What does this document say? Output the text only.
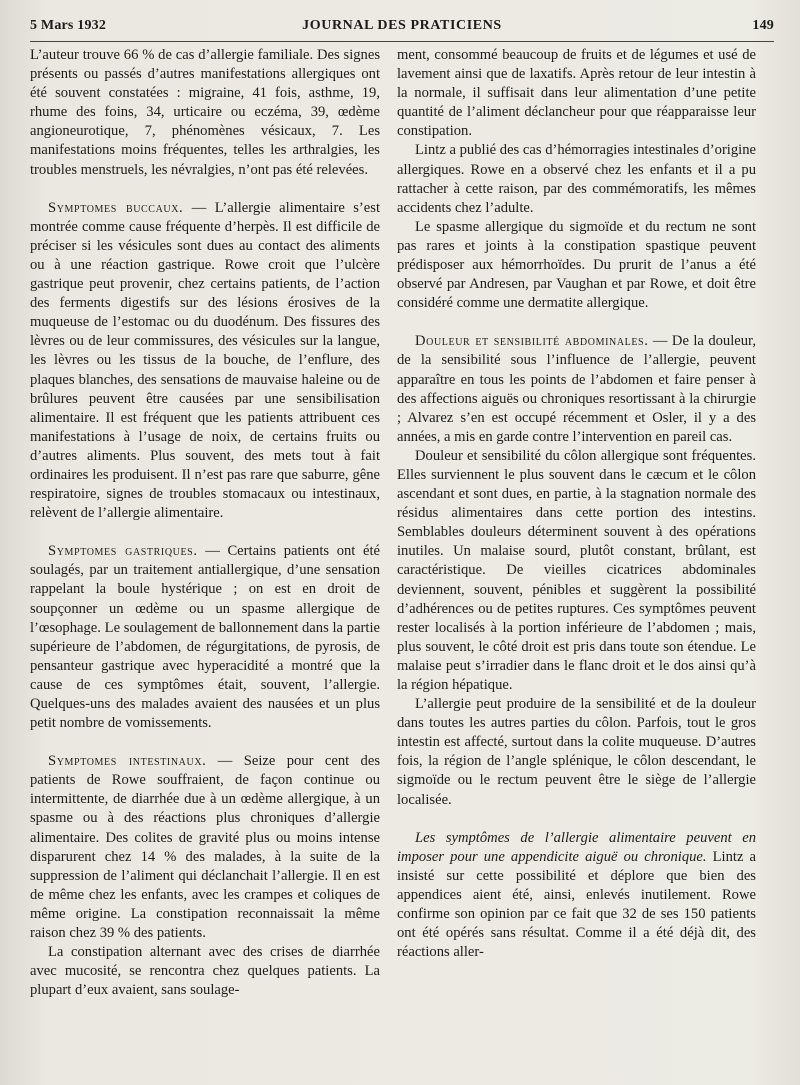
5 Mars 1932	JOURNAL DES PRATICIENS	149

L’auteur trouve 66 % de cas d’allergie familiale. Des signes présents ou passés d’autres manifestations allergiques ont été souvent constatées : migraine, 41 fois, asthme, 19, rhume des foins, 34, urticaire ou eczéma, 39, œdème angioneurotique, 7, phénomènes vésicaux, 7. Les manifestations moins fréquentes, telles les arthralgies, les troubles menstruels, les névralgies, n’ont pas été relevées.

Symptomes buccaux. — L’allergie alimentaire s’est montrée comme cause fréquente d’herpès. Il est difficile de préciser si les vésicules sont dues au contact des aliments ou à une réaction gastrique. Rowe croit que l’ulcère gastrique peut provenir, chez certains patients, de l’action des ferments digestifs sur des lésions érosives de la muqueuse de l’estomac ou du duodénum. Des fissures des lèvres ou de leur commissures, des vésicules sur la langue, les lèvres ou les tissus de la bouche, de l’enflure, des plaques blanches, des sensations de mauvaise haleine ou de brûlures peuvent être causées par une sensibilisation alimentaire. Il est fréquent que les patients attribuent ces manifestations à l’usage de noix, de certains fruits ou d’autres aliments. Plus souvent, des mets tout à fait ordinaires les produisent. Il n’est pas rare que saburre, gêne respiratoire, signes de troubles stomacaux ou intestinaux, relèvent de l’allergie alimentaire.

Symptomes gastriques. — Certains patients ont été soulagés, par un traitement antiallergique, d’une sensation rappelant la boule hystérique ; on est en droit de soupçonner un œdème ou un spasme allergique de l’œsophage. Le soulagement de ballonnement dans la partie supérieure de l’abdomen, de régurgitations, de pyrosis, de pensanteur gastrique avec hyperacidité a montré que la cause de ces symptômes était, souvent, l’allergie. Quelques-uns des malades avaient des nausées et un plus petit nombre de vomissements.

Symptomes intestinaux. — Seize pour cent des patients de Rowe souffraient, de façon continue ou intermittente, de diarrhée due à un œdème allergique, à un spasme ou à des réactions plus chroniques d’allergie alimentaire. Des colites de gravité plus ou moins intense disparurent chez 14 % des malades, à la suite de la suppression de l’aliment qui déclanchait l’allergie. Il en est de même chez les enfants, avec les crampes et coliques de même origine. La constipation reconnaissait la même raison chez 39 % des patients.

La constipation alternant avec des crises de diarrhée avec mucosité, se rencontra chez quelques patients. La plupart d’eux avaient, sans soulage-

ment, consommé beaucoup de fruits et de légumes et usé de lavement ainsi que de laxatifs. Après retour de leur intestin à la normale, il suffisait dans leur alimentation d’une petite quantité de l’aliment déclancheur pour que réapparaisse leur constipation.

Lintz a publié des cas d’hémorragies intestinales d’origine allergiques. Rowe en a observé chez les enfants et il a pu rattacher à cette raison, par des commémoratifs, les mêmes accidents chez l’adulte.

Le spasme allergique du sigmoïde et du rectum ne sont pas rares et joints à la constipation spastique peuvent prédisposer aux hémorrhoïdes. Du prurit de l’anus a été observé par Andresen, par Vaughan et par Rowe, et doit être considéré comme une dermatite allergique.

Douleur et sensibilité abdominales. — De la douleur, de la sensibilité sous l’influence de l’allergie, peuvent apparaître en tous les points de l’abdomen et faire penser à des affections aiguës ou chroniques resortissant à la chirurgie ; Alvarez s’en est occupé récemment et Osler, il y a des années, a mis en garde contre l’intervention en pareil cas.

Douleur et sensibilité du côlon allergique sont fréquentes. Elles surviennent le plus souvent dans le cæcum et le côlon ascendant et sont dues, en partie, à la stagnation normale des résidus alimentaires dans cette portion des intestins. Semblables douleurs déterminent souvent à des opérations inutiles. Un malaise sourd, plutôt constant, brûlant, est caractéristique. De vieilles cicatrices abdominales deviennent, souvent, pénibles et suggèrent la possibilité d’adhérences ou de petites ruptures. Ces symptômes peuvent rester localisés à la portion inférieure de l’abdomen ; mais, plus souvent, le côté droit est pris dans toute son étendue. Le malaise peut s’irradier dans le flanc droit et le dos ainsi qu’à la région hépatique.

L’allergie peut produire de la sensibilité et de la douleur dans toutes les autres parties du côlon. Parfois, tout le gros intestin est affecté, surtout dans la colite muqueuse. D’autres fois, la région de l’angle splénique, le côlon descendant, le sigmoïde ou le rectum peuvent être le siège de l’allergie localisée.

Les symptômes de l’allergie alimentaire peuvent en imposer pour une appendicite aiguë ou chronique. Lintz a insisté sur cette possibilité et déplore que bien des appendices aient été, ainsi, enlevés inutilement. Rowe confirme son opinion par ce fait que 32 de ses 150 patients ont été opérés sans résultat. Comme il a été déjà dit, des réactions aller-
